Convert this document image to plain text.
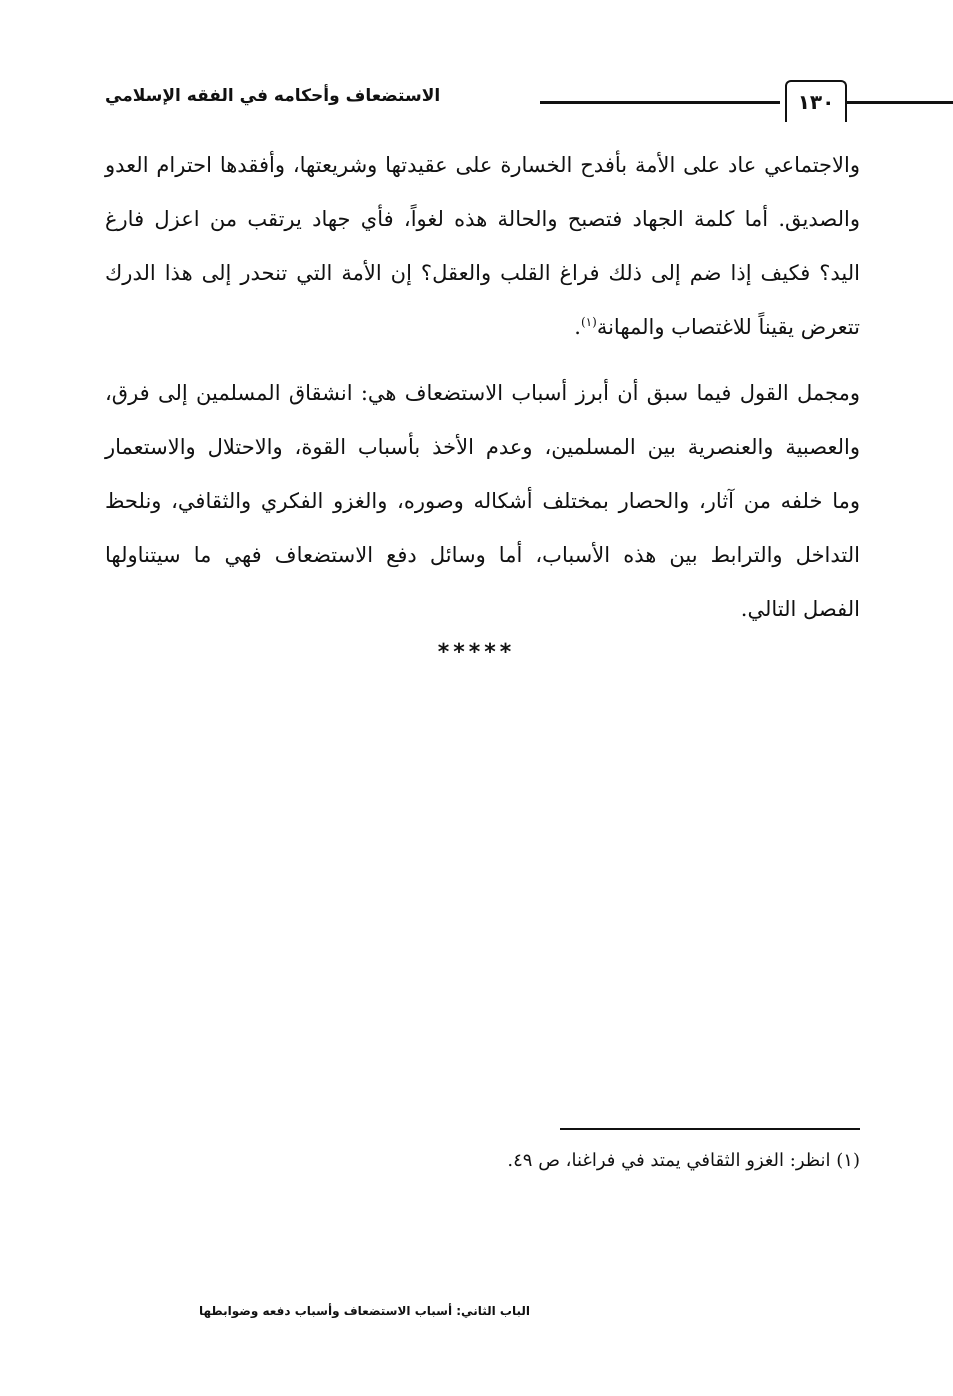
١٣٠
الاستضعاف وأحكامه في الفقه الإسلامي
والاجتماعي عاد على الأمة بأفدح الخسارة على عقيدتها وشريعتها، وأفقدها احترام العدو
والصديق. أما كلمة الجهاد فتصبح والحالة هذه لغواً، فأي جهاد يرتقب من اعزل فارغ
اليد؟ فكيف إذا ضم إلى ذلك فراغ القلب والعقل؟ إن الأمة التي تنحدر إلى هذا الدرك
تتعرض يقيناً للاغتصاب والمهانة$^{(١)}$.
ومجمل القول فيما سبق أن أبرز أسباب الاستضعاف هي: انشقاق المسلمين إلى فرق،
والعصبية والعنصرية بين المسلمين، وعدم الأخذ بأسباب القوة، والاحتلال والاستعمار
وما خلفه من آثار، والحصار بمختلف أشكاله وصوره، والغزو الفكري والثقافي، ونلحظ
التداخل والترابط بين هذه الأسباب، أما وسائل دفع الاستضعاف فهي ما سيتناولها
الفصل التالي.
*****
(١) انظر: الغزو الثقافي يمتد في فراغنا، ص ٤٩.
الباب الثاني: أسباب الاستضعاف وأسباب دفعه وضوابطها
